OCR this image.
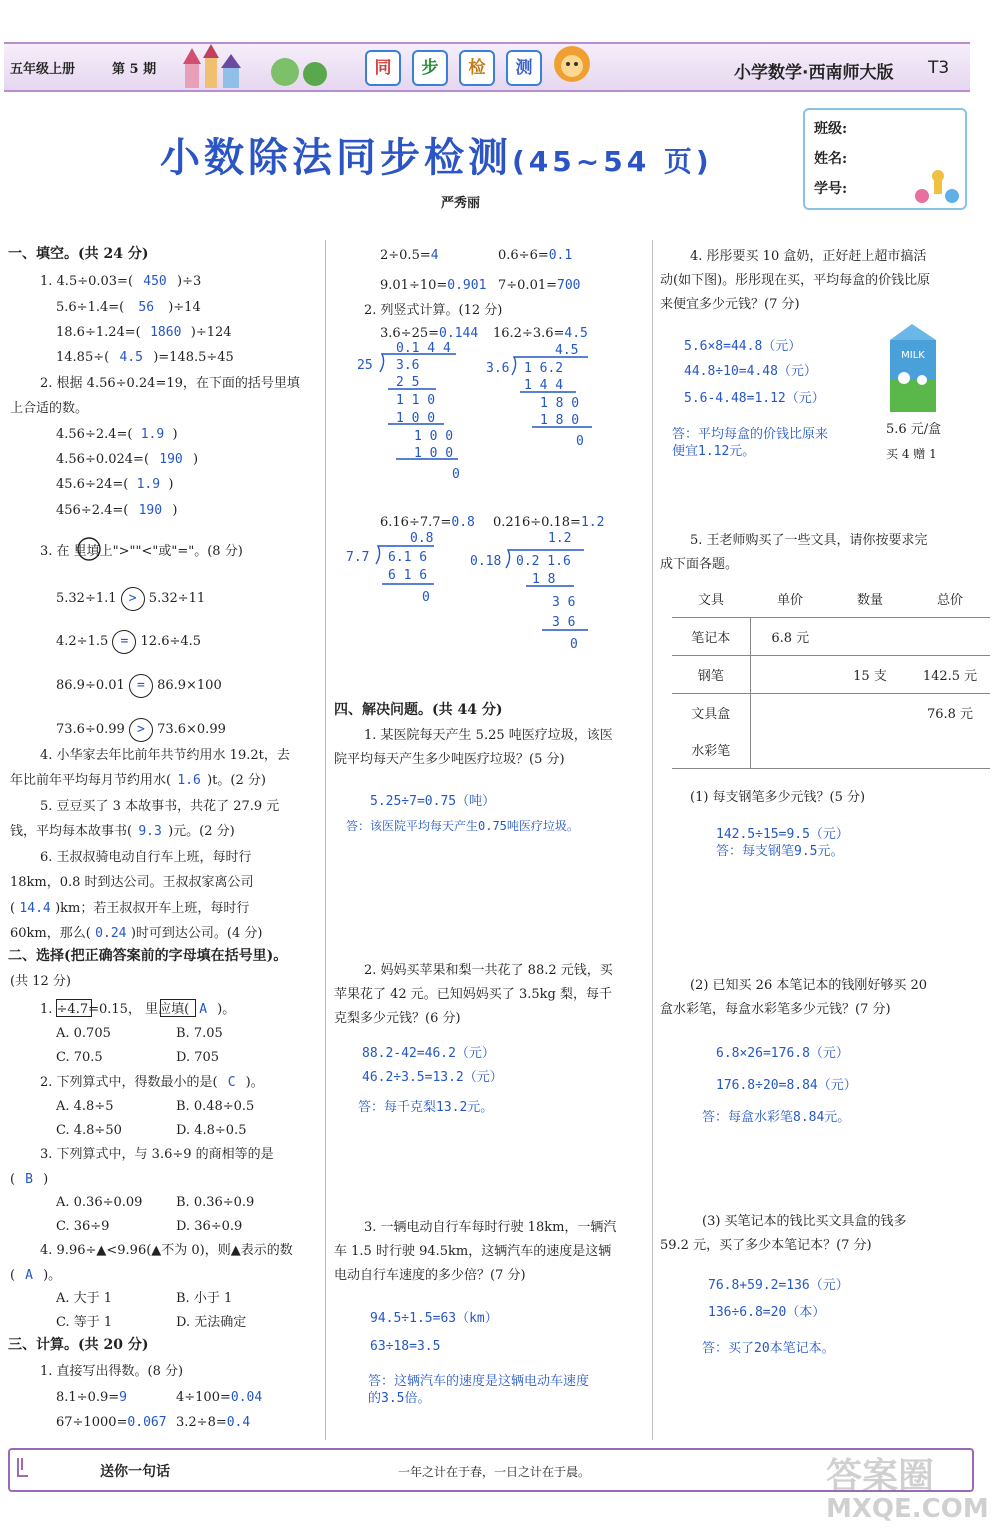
五年级上册	第 5 期	同	步	检	测	小学数学·西南师大版 T3
小数除法同步检测(45~54 页)
严秀丽
班级:
姓名:
学号:
一、填空。(共 24 分)
1. 4.5÷0.03=( 450 )÷3
5.6÷1.4=( 56 )÷14
18.6÷1.24=( 1860 )÷124
14.85÷( 4.5 )=148.5÷45
2. 根据 4.56÷0.24=19，在下面的括号里填
上合适的数。
4.56÷2.4=( 1.9 )
4.56÷0.024=( 190 )
45.6÷24=( 1.9 )
456÷2.4=( 190 )
3. 在 里填上">""<"或"="。(8 分)
5.32÷1.1 > 5.32÷11
4.2÷1.5 = 12.6÷4.5
86.9÷0.01 = 86.9×100
73.6÷0.99 > 73.6×0.99
4. 小华家去年比前年共节约用水 19.2t，去
年比前年平均每月节约用水( 1.6 )t。(2 分)
5. 豆豆买了 3 本故事书，共花了 27.9 元
钱，平均每本故事书( 9.3 )元。(2 分)
6. 王叔叔骑电动自行车上班，每时行
18km，0.8 时到达公司。王叔叔家离公司
( 14.4 )km；若王叔叔开车上班，每时行
60km，那么( 0.24 )时可到达公司。(4 分)
二、选择(把正确答案前的字母填在括号里)。
(共 12 分)
1. ÷4.7=0.15， 里应填( A )。
A. 0.705	B. 7.05
C. 70.5	D. 705
2. 下列算式中，得数最小的是( C )。
A. 4.8÷5	B. 0.48÷0.5
C. 4.8÷50	D. 4.8÷0.5
3. 下列算式中，与 3.6÷9 的商相等的是
( B )
A. 0.36÷0.09	B. 0.36÷0.9
C. 36÷9	D. 36÷0.9
4. 9.96÷▲<9.96(▲不为 0)，则▲表示的数
( A )。
A. 大于 1	B. 小于 1
C. 等于 1	D. 无法确定
三、计算。(共 20 分)
1. 直接写出得数。(8 分)
8.1÷0.9=9	4÷100=0.04
67÷1000=0.067 3.2÷8=0.4
2÷0.5=4	0.6÷6=0.1
9.01÷10=0.901 7÷0.01=700
2. 列竖式计算。(12 分)
3.6÷25=0.144
0.1 4 4
25 3.6
2 5
1 1 0
1 0 0
1 0 0
1 0 0
0
16.2÷3.6=4.5
4.5
3.6 1 6.2
1 4 4
1 8 0
1 8 0
0
6.16÷7.7=0.8
0.8
7.7 6.1 6
6 1 6
0
0.216÷0.18=1.2
1.2
0.18 0.2 1.6
1 8
3 6
3 6
0
四、解决问题。(共 44 分)
1. 某医院每天产生 5.25 吨医疗垃圾，该医
院平均每天产生多少吨医疗垃圾？(5 分)
5.25÷7=0.75（吨）
答：该医院平均每天产生0.75吨医疗垃圾。
2. 妈妈买苹果和梨一共花了 88.2 元钱，买
苹果花了 42 元。已知妈妈买了 3.5kg 梨，每千
克梨多少元钱？(6 分)
88.2-42=46.2（元）
46.2÷3.5=13.2（元）
答：每千克梨13.2元。
3. 一辆电动自行车每时行驶 18km，一辆汽
车 1.5 时行驶 94.5km，这辆汽车的速度是这辆
电动自行车速度的多少倍？(7 分)
94.5÷1.5=63（km）
63÷18=3.5
答：这辆汽车的速度是这辆电动车速度
的3.5倍。
4. 彤彤要买 10 盒奶，正好赶上超市搞活
动(如下图)。彤彤现在买，平均每盒的价钱比原
来便宜多少元钱？(7 分)
5.6×8=44.8（元）
44.8÷10=4.48（元）
5.6-4.48=1.12（元）
答：平均每盒的价钱比原来
便宜1.12元。
MILK
5.6 元/盒
买 4 赠 1
5. 王老师购买了一些文具，请你按要求完
成下面各题。
文具	单价	数量	总价
笔记本	6.8 元		
钢笔		15 支	142.5 元
文具盒			76.8 元
水彩笔			
(1) 每支钢笔多少元钱？(5 分)
142.5÷15=9.5（元）
答：每支钢笔9.5元。
(2) 已知买 26 本笔记本的钱刚好够买 20
盒水彩笔，每盒水彩笔多少元钱？(7 分)
6.8×26=176.8（元）
176.8÷20=8.84（元）
答：每盒水彩笔8.84元。
(3) 买笔记本的钱比买文具盒的钱多
59.2 元，买了多少本笔记本？(7 分)
76.8+59.2=136（元）
136÷6.8=20（本）
答：买了20本笔记本。
送你一句话	一年之计在于春，一日之计在于晨。	答案圈
MXQE.COM
